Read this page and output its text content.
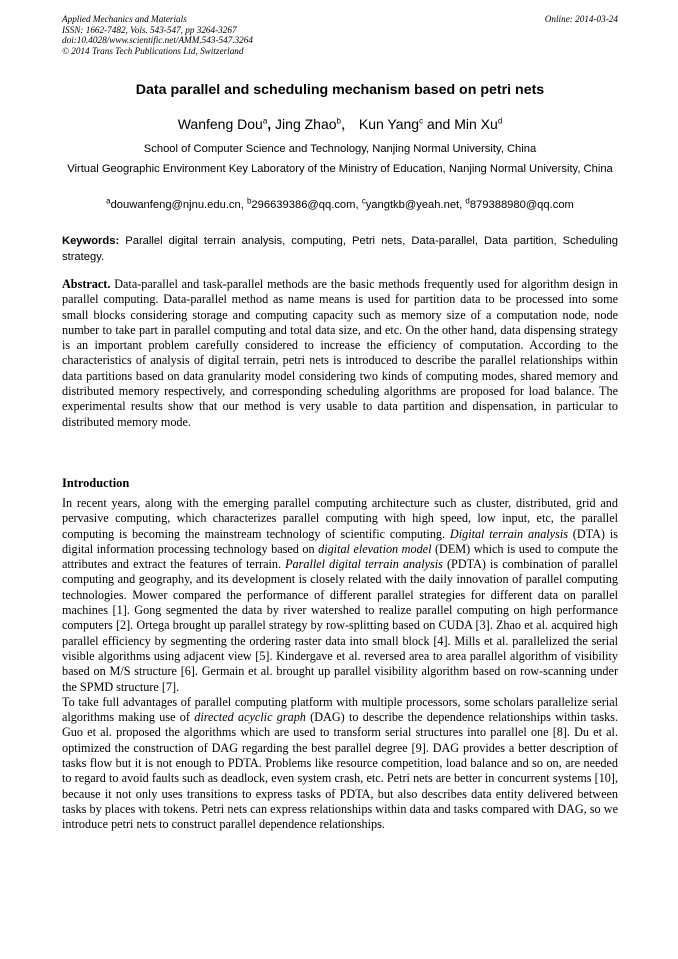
Applied Mechanics and Materials
ISSN: 1662-7482, Vols. 543-547, pp 3264-3267
doi:10.4028/www.scientific.net/AMM.543-547.3264
© 2014 Trans Tech Publications Ltd, Switzerland
Online: 2014-03-24
Data parallel and scheduling mechanism based on petri nets
Wanfeng Dou$^a$, Jing Zhao$^b$， Kun Yang$^c$ and Min Xu$^d$
School of Computer Science and Technology, Nanjing Normal University, China
Virtual Geographic Environment Key Laboratory of the Ministry of Education, Nanjing Normal University, China
$^a$douwanfeng@njnu.edu.cn, $^b$296639386@qq.com, $^c$yangtkb@yeah.net, $^d$879388980@qq.com
Keywords: Parallel digital terrain analysis, computing, Petri nets, Data-parallel, Data partition, Scheduling strategy.
Abstract. Data-parallel and task-parallel methods are the basic methods frequently used for algorithm design in parallel computing. Data-parallel method as name means is used for partition data to be processed into some small blocks considering storage and computing capacity such as memory size of a computation node, node number to take part in parallel computing and total data size, and etc. On the other hand, data dispensing strategy is an important problem carefully considered to increase the efficiency of computation. According to the characteristics of analysis of digital terrain, petri nets is introduced to describe the parallel relationships within data partitions based on data granularity model considering two kinds of computing modes, shared memory and distributed memory respectively, and corresponding scheduling algorithms are proposed for load balance. The experimental results show that our method is very usable to data partition and dispensation, in particular to distributed memory mode.
Introduction

In recent years, along with the emerging parallel computing architecture such as cluster, distributed, grid and pervasive computing, which characterizes parallel computing with high speed, low input, etc, the parallel computing is becoming the mainstream technology of scientific computing. Digital terrain analysis (DTA) is digital information processing technology based on digital elevation model (DEM) which is used to compute the attributes and extract the features of terrain. Parallel digital terrain analysis (PDTA) is combination of parallel computing and geography, and its development is closely related with the daily innovation of parallel computing technologies. Mower compared the performance of different parallel strategies for different data on parallel machines [1]. Gong segmented the data by river watershed to realize parallel computing on high performance computers [2]. Ortega brought up parallel strategy by row-splitting based on CUDA [3]. Zhao et al. acquired high parallel efficiency by segmenting the ordering raster data into small block [4]. Mills et al. parallelized the serial visible algorithms using adjacent view [5]. Kindergave et al. reversed area to area parallel algorithm of visibility based on M/S structure [6]. Germain et al. brought up parallel visibility algorithm based on row-scanning under the SPMD structure [7].

To take full advantages of parallel computing platform with multiple processors, some scholars parallelize serial algorithms making use of directed acyclic graph (DAG) to describe the dependence relationships within tasks. Guo et al. proposed the algorithms which are used to transform serial structures into parallel one [8]. Du et al. optimized the construction of DAG regarding the best parallel degree [9]. DAG provides a better description of tasks flow but it is not enough to PDTA. Problems like resource competition, load balance and so on, are needed to regard to avoid faults such as deadlock, even system crash, etc. Petri nets are better in concurrent systems [10], because it not only uses transitions to express tasks of PDTA, but also describes data entity delivered between tasks by places with tokens. Petri nets can express relationships within data and tasks compared with DAG, so we introduce petri nets to construct parallel dependence relationships.
